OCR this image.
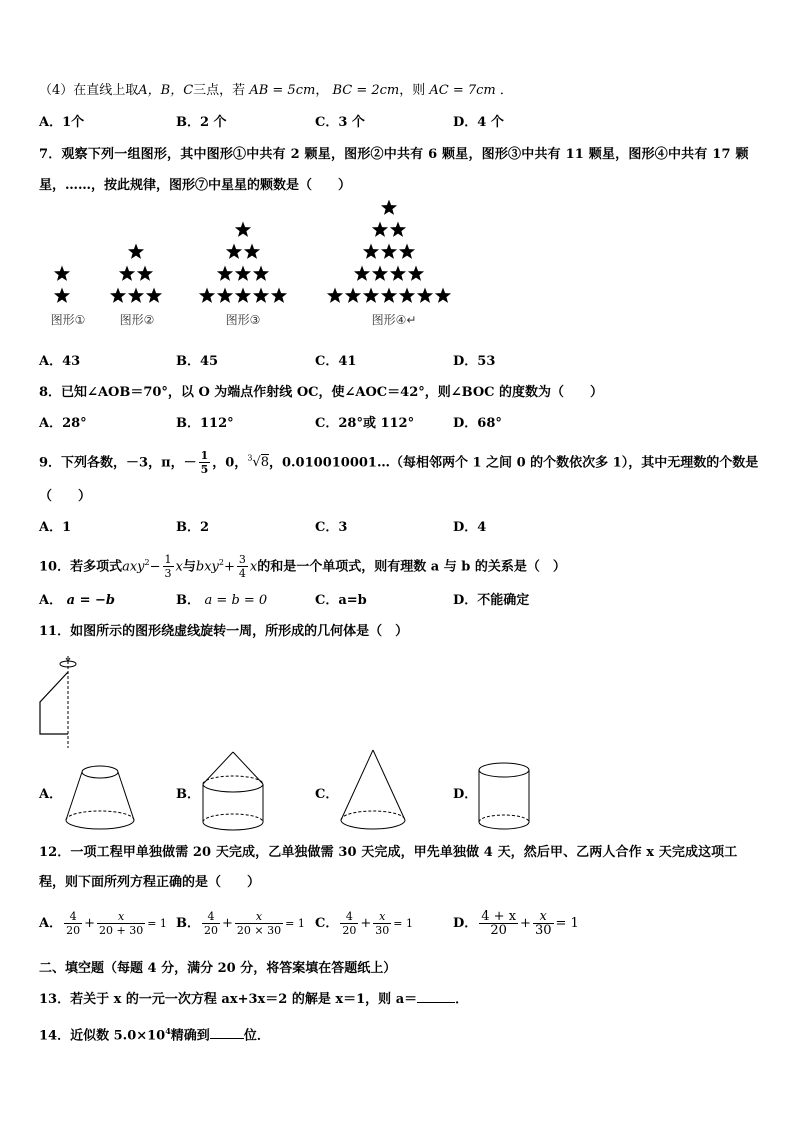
（4）在直线上取A，B，C三点，若 AB = 5cm， BC = 2cm，则 AC = 7cm ．
A．1个	B．2 个	C．3 个	D．4 个
7．观察下列一组图形，其中图形①中共有 2 颗星，图形②中共有 6 颗星，图形③中共有 11 颗星，图形④中共有 17 颗
星，……，按此规律，图形⑦中星星的颗数是（　　）
图形①	图形②	图形③	图形④↵
A．43	B．45	C．41	D．53
8．已知∠AOB＝70°，以 O 为端点作射线 OC，使∠AOC＝42°，则∠BOC 的度数为（　　）
A．28°	B．112°	C．28°或 112°	D．68°
9．下列各数，－3，π，－ $\frac{1}{5}$ ，0，$^3$√8，0.010010001…（每相邻两个 1 之间 0 的个数依次多 1），其中无理数的个数是
（　　）
A．1	B．2	C．3	D．4
10．若多项式$axy^2- \frac{1}{3}$ x与$bxy^2+ \frac{3}{4}$ x的和是一个单项式，则有理数 a 与 b 的关系是（　）
A． a = −b	B． a = b = 0	C．a=b	D．不能确定
11．如图所示的图形绕虚线旋转一周，所形成的几何体是（　）
A．	B．	C．	D．
12．一项工程甲单独做需 20 天完成，乙单独做需 30 天完成，甲先单独做 4 天，然后甲、乙两人合作 x 天完成这项工
程，则下面所列方程正确的是（　　）
A． $\frac{4}{20} + \frac{x}{20 + 30} = 1$ B． $\frac{4}{20} + \frac{x}{20 \times 30} = 1$ C． $\frac{4}{20} + \frac{x}{30} = 1$	D． $\frac{4 + x}{20} + \frac{x}{30} = 1$
二、填空题（每题 4 分，满分 20 分，将答案填在答题纸上）
13．若关于 x 的一元一次方程 ax+3x＝2 的解是 x＝1，则 a＝	．
14．近似数 $5.0\times 10^4$精确到	位．
